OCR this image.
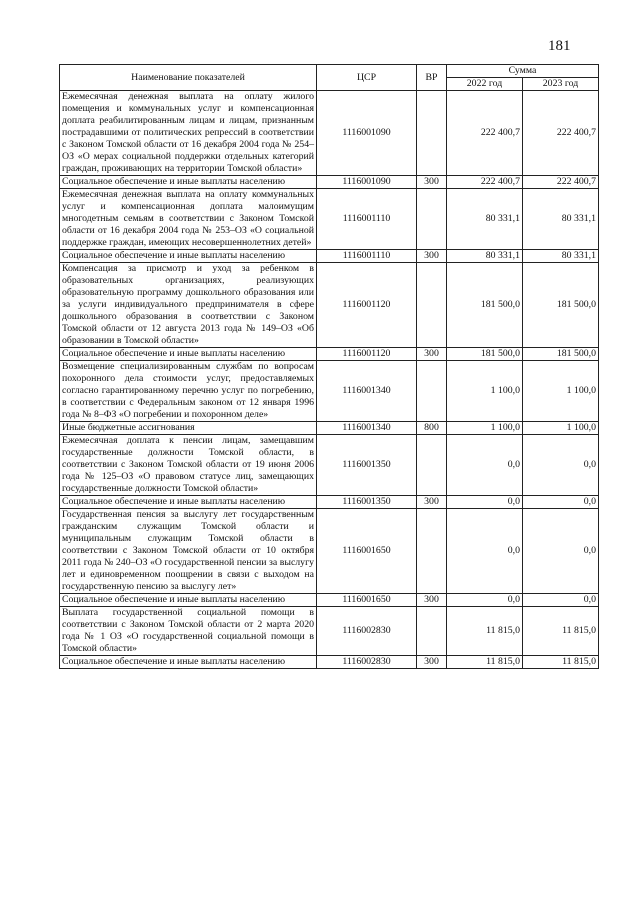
181
Наименование показателей	ЦСР	ВР	Сумма	
			2022 год	2023 год
Ежемесячная денежная выплата на оплату жилого помещения и коммунальных услуг и компенсационная доплата реабилитированным лицам и лицам, признанным пострадавшими от политических репрессий в соответствии с Законом Томской области от 16 декабря 2004 года № 254–ОЗ «О мерах социальной поддержки отдельных категорий граждан, проживающих на территории Томской области»	1116001090		222 400,7	222 400,7
Социальное обеспечение и иные выплаты населению	1116001090	300	222 400,7	222 400,7
Ежемесячная денежная выплата на оплату коммунальных услуг и компенсационная доплата малоимущим многодетным семьям в соответствии с Законом Томской области от 16 декабря 2004 года № 253–ОЗ «О социальной поддержке граждан, имеющих несовершеннолетних детей»	1116001110		80 331,1	80 331,1
Социальное обеспечение и иные выплаты населению	1116001110	300	80 331,1	80 331,1
Компенсация за присмотр и уход за ребенком в образовательных организациях, реализующих образовательную программу дошкольного образования или за услуги индивидуального предпринимателя в сфере дошкольного образования в соответствии с Законом Томской области от 12 августа 2013 года № 149–ОЗ «Об образовании в Томской области»	1116001120		181 500,0	181 500,0
Социальное обеспечение и иные выплаты населению	1116001120	300	181 500,0	181 500,0
Возмещение специализированным службам по вопросам похоронного дела стоимости услуг, предоставляемых согласно гарантированному перечню услуг по погребению, в соответствии с Федеральным законом от 12 января 1996 года № 8–ФЗ «О погребении и похоронном деле»	1116001340		1 100,0	1 100,0
Иные бюджетные ассигнования	1116001340	800	1 100,0	1 100,0
Ежемесячная доплата к пенсии лицам, замещавшим государственные должности Томской области, в соответствии с Законом Томской области от 19 июня 2006 года № 125–ОЗ «О правовом статусе лиц, замещающих государственные должности Томской области»	1116001350		0,0	0,0
Социальное обеспечение и иные выплаты населению	1116001350	300	0,0	0,0
Государственная пенсия за выслугу лет государственным гражданским служащим Томской области и муниципальным служащим Томской области в соответствии с Законом Томской области от 10 октября 2011 года № 240–ОЗ «О государственной пенсии за выслугу лет и единовременном поощрении в связи с выходом на государственную пенсию за выслугу лет»	1116001650		0,0	0,0
Социальное обеспечение и иные выплаты населению	1116001650	300	0,0	0,0
Выплата государственной социальной помощи в соответствии с Законом Томской области от 2 марта 2020 года № 1 ОЗ «О государственной социальной помощи в Томской области»	1116002830		11 815,0	11 815,0
Социальное обеспечение и иные выплаты населению	1116002830	300	11 815,0	11 815,0
